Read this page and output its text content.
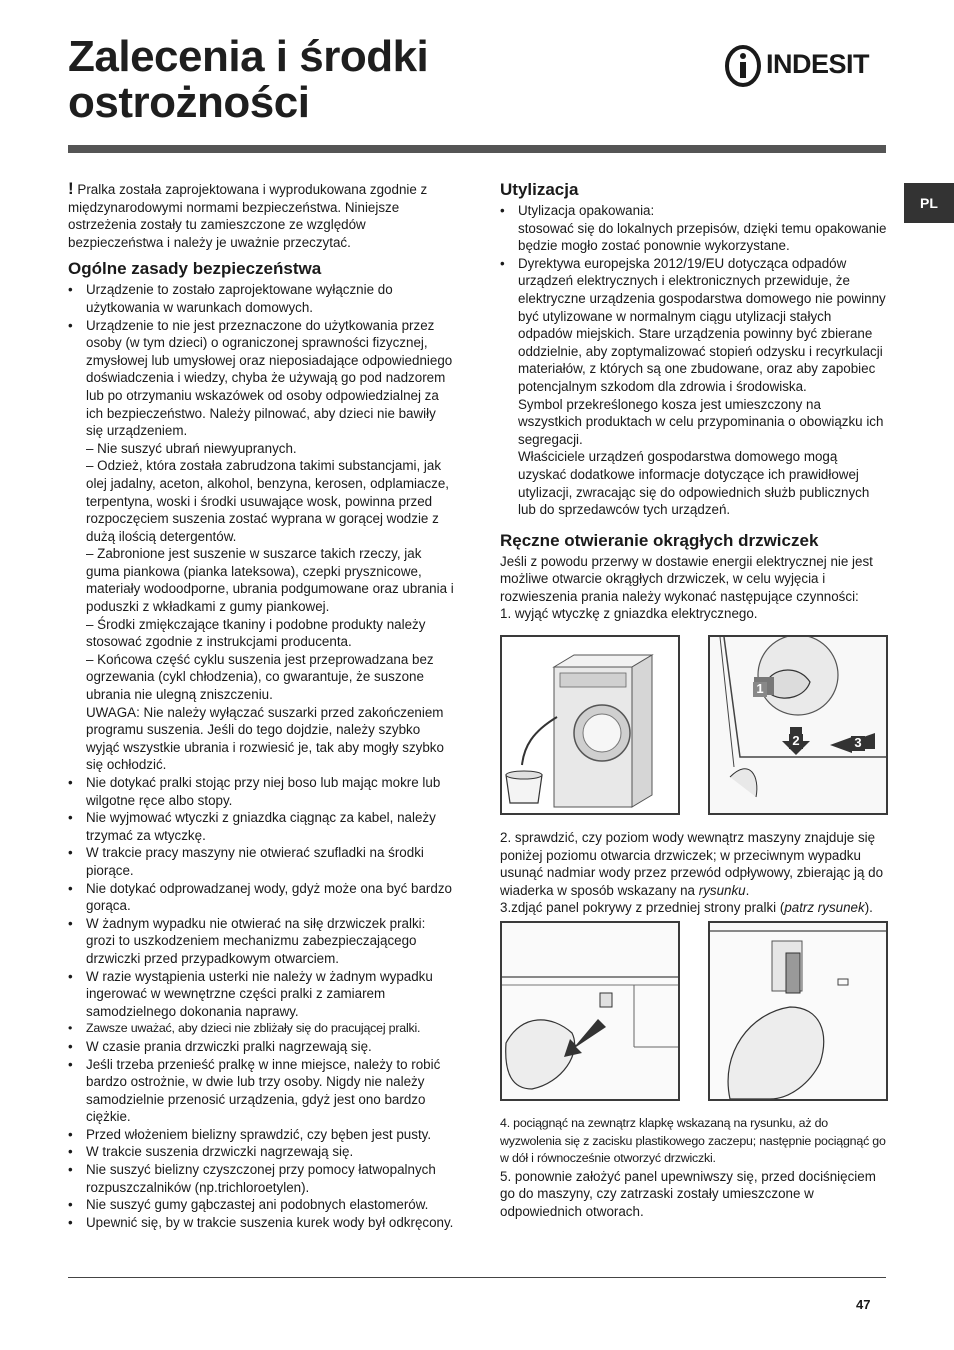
Zalecenia i środki
ostrożności
INDESIT
PL

! Pralka została zaprojektowana i wyprodukowana zgodnie z międzynarodowymi normami bezpieczeństwa. Niniejsze ostrzeżenia zostały tu zamieszczone ze względów bezpieczeństwa i należy je uważnie przeczytać.

Ogólne zasady bezpieczeństwa
• Urządzenie to zostało zaprojektowane wyłącznie do użytkowania w warunkach domowych.
• Urządzenie to nie jest przeznaczone do użytkowania przez osoby (w tym dzieci) o ograniczonej sprawności fizycznej, zmysłowej lub umysłowej oraz nieposiadające odpowiedniego doświadczenia i wiedzy, chyba że używają go pod nadzorem lub po otrzymaniu wskazówek od osoby odpowiedzialnej za ich bezpieczeństwo. Należy pilnować, aby dzieci nie bawiły się urządzeniem.
– Nie suszyć ubrań niewyupranych.
– Odzież, która została zabrudzona takimi substancjami, jak olej jadalny, aceton, alkohol, benzyna, kerosen, odplamiacze, terpentyna, woski i środki usuwające wosk, powinna przed rozpoczęciem suszenia zostać wyprana w gorącej wodzie z dużą ilością detergentów.
– Zabronione jest suszenie w suszarce takich rzeczy, jak guma piankowa (pianka lateksowa), czepki prysznicowe, materiały wodoodporne, ubrania podgumowane oraz ubrania i poduszki z wkładkami z gumy piankowej.
– Środki zmiękczające tkaniny i podobne produkty należy stosować zgodnie z instrukcjami producenta.
– Końcowa część cyklu suszenia jest przeprowadzana bez ogrzewania (cykl chłodzenia), co gwarantuje, że suszone ubrania nie ulegną zniszczeniu.
UWAGA: Nie należy wyłączać suszarki przed zakończeniem programu suszenia. Jeśli do tego dojdzie, należy szybko wyjąć wszystkie ubrania i rozwiesić je, tak aby mogły szybko się ochłodzić.
• Nie dotykać pralki stojąc przy niej boso lub mając mokre lub wilgotne ręce albo stopy.
• Nie wyjmować wtyczki z gniazdka ciągnąc za kabel, należy trzymać za wtyczkę.
• W trakcie pracy maszyny nie otwierać szufladki na środki piorące.
• Nie dotykać odprowadzanej wody, gdyż może ona być bardzo gorąca.
• W żadnym wypadku nie otwierać na siłę drzwiczek pralki: grozi to uszkodzeniem mechanizmu zabezpieczającego drzwiczki przed przypadkowym otwarciem.
• W razie wystąpienia usterki nie należy w żadnym wypadku ingerować w wewnętrzne części pralki z zamiarem samodzielnego dokonania naprawy.
• Zawsze uważać, aby dzieci nie zbliżały się do pracującej pralki.
• W czasie prania drzwiczki pralki nagrzewają się.
• Jeśli trzeba przenieść pralkę w inne miejsce, należy to robić bardzo ostrożnie, w dwie lub trzy osoby. Nigdy nie należy samodzielnie przenosić urządzenia, gdyż jest ono bardzo ciężkie.
• Przed włożeniem bielizny sprawdzić, czy bęben jest pusty.
• W trakcie suszenia drzwiczki nagrzewają się.
• Nie suszyć bielizny czyszczonej przy pomocy łatwopalnych rozpuszczalników (np.trichloroetylen).
• Nie suszyć gumy gąbczastej ani podobnych elastomerów.
• Upewnić się, by w trakcie suszenia kurek wody był odkręcony.
Utylizacja
• Utylizacja opakowania:
stosować się do lokalnych przepisów, dzięki temu opakowanie będzie mogło zostać ponownie wykorzystane.
• Dyrektywa europejska 2012/19/EU dotycząca odpadów urządzeń elektrycznych i elektronicznych przewiduje, że elektryczne urządzenia gospodarstwa domowego nie powinny być utylizowane w normalnym ciągu utylizacji stałych odpadów miejskich. Stare urządzenia powinny być zbierane oddzielnie, aby zoptymalizować stopień odzysku i recyrkulacji materiałów, z których są one zbudowane, oraz aby zapobiec potencjalnym szkodom dla zdrowia i środowiska.
Symbol przekreślonego kosza jest umieszczony na wszystkich produktach w celu przypominania o obowiązku ich segregacji.
Właściciele urządzeń gospodarstwa domowego mogą uzyskać dodatkowe informacje dotyczące ich prawidłowej utylizacji, zwracając się do odpowiednich służb publicznych lub do sprzedawców tych urządzeń.
Ręczne otwieranie okrągłych drzwiczek

Jeśli z powodu przerwy w dostawie energii elektrycznej nie jest możliwe otwarcie okrągłych drzwiczek, w celu wyjęcia i rozwieszenia prania należy wykonać następujące czynności:

1. wyjąć wtyczkę z gniazdka elektrycznego.

1
2	3

2. sprawdzić, czy poziom wody wewnątrz maszyny znajduje się poniżej poziomu otwarcia drzwiczek; w przeciwnym wypadku usunąć nadmiar wody przez przewód odpływowy, zbierając ją do wiaderka w sposób wskazany na rysunku.

3.zdjąć panel pokrywy z przedniej strony pralki (patrz rysunek).

4. pociągnąć na zewnątrz klapkę wskazaną na rysunku, aż do wyzwolenia się z zacisku plastikowego zaczepu; następnie pociągnąć go w dół i równocześnie otworzyć drzwiczki.

5. ponownie założyć panel upewniwszy się, przed dociśnięciem go do maszyny, czy zatrzaski zostały umieszczone w odpowiednich otworach.

47
